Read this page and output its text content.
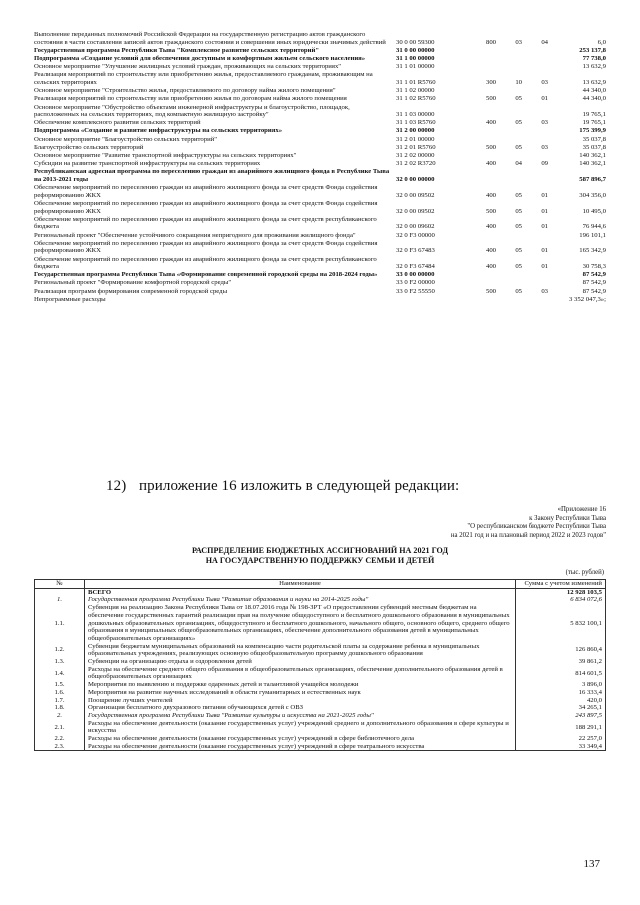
Выполнение переданных полномочий Российской Федерации на государственную регистрацию актов гражданского состояния в части составления записей актов гражданского состояния и совершения иных юридически значимых действий	30 0 00 59300	800	03	04	6,0
Государственная программа Республики Тыва "Комплексное развитие сельских территорий"	31 0 00 00000	253 137,8
Подпрограмма «Создание условий для обеспечения доступным и комфортным жильем сельского населения»	31 1 00 00000	77 738,0
Основное мероприятие "Улучшение жилищных условий граждан, проживающих на сельских территориях"	31 1 01 00000	13 632,9
Реализация мероприятий по строительству или приобретению жилья, предоставляемого гражданам, проживающим на сельских территориях	31 1 01 R5760	300	10	03	13 632,9
Основное мероприятие "Строительство жилья, предоставляемого по договору найма жилого помещения"	31 1 02 00000	44 340,0
Реализация мероприятий по строительству или приобретению жилья по договорам найма жилого помещения	31 1 02 R5760	500	05	01	44 340,0
Основное мероприятие "Обустройство объектами инженерной инфраструктуры и благоустройство, площадок, расположенных на сельских территориях, под компактную жилищную застройку"	31 1 03 00000	19 765,1
Обеспечение комплексного развития сельских территорий	31 1 03 R5760	400	05	03	19 765,1
Подпрограмма «Создание и развитие инфраструктуры на сельских территориях»	31 2 00 00000	175 399,9
Основное мероприятие "Благоустройство сельских территорий"	31 2 01 00000	35 037,8
Благоустройство сельских территорий	31 2 01 R5760	500	05	03	35 037,8
Основное мероприятие "Развитие транспортной инфраструктуры на сельских территориях"	31 2 02 00000	140 362,1
Субсидии на развитие транспортной инфраструктуры на сельских территориях	31 2 02 R3720	400	04	09	140 362,1
Республиканская адресная программа по переселению граждан из аварийного жилищного фонда в Республике Тыва на 2013-2021 годы	32 0 00 00000	587 896,7
Обеспечение мероприятий по переселению граждан из аварийного жилищного фонда за счет средств Фонда содействия реформированию ЖКХ	32 0 00 09502	400	05	01	304 356,0
Обеспечение мероприятий по переселению граждан из аварийного жилищного фонда за счет средств Фонда содействия реформированию ЖКХ	32 0 00 09502	500	05	01	10 495,0
Обеспечение мероприятий по переселению граждан из аварийного жилищного фонда за счет средств республиканского бюджета	32 0 00 09602	400	05	01	76 944,6
Региональный проект "Обеспечение устойчивого сокращения непригодного для проживания жилищного фонда"	32 0 F3 00000	196 101,1
Обеспечение мероприятий по переселению граждан из аварийного жилищного фонда за счет средств Фонда содействия реформированию ЖКХ	32 0 F3 67483	400	05	01	165 342,9
Обеспечение мероприятий по переселению граждан из аварийного жилищного фонда за счет средств республиканского бюджета	32 0 F3 67484	400	05	01	30 758,3
Государственная программа Республики Тыва «Формирование современной городской среды на 2018-2024 годы»	33 0 00 00000	87 542,9
Региональный проект "Формирование комфортной городской среды"	33 0 F2 00000	87 542,9
Реализация программ формирования современной городской среды	33 0 F2 55550	500	05	03	87 542,9
Непрограммные расходы	3 352 047,3»;
12) приложение 16 изложить в следующей редакции:
«Приложение 16
к Закону Республики Тыва
"О республиканском бюджете Республики Тыва
на 2021 год и на плановый период 2022 и 2023 годов"
РАСПРЕДЕЛЕНИЕ БЮДЖЕТНЫХ АССИГНОВАНИЙ НА 2021 ГОД
НА ГОСУДАРСТВЕННУЮ ПОДДЕРЖКУ СЕМЬИ И ДЕТЕЙ
(тыс. рублей)
№	Наименование	Сумма с учетом изменений
	ВСЕГО	12 928 103,5
1.	Государственная программа Республики Тыва "Развитие образования и науки на 2014-2025 годы"	6 834 072,6
1.1.	Субвенция на реализацию Закона Республики Тыва от 18.07.2016 года № 198-ЗРТ «О предоставлении субвенций местным бюджетам на обеспечение государственных гарантий реализации прав на получение общедоступного и бесплатного дошкольного образования в муниципальных дошкольных образовательных организациях, общедоступного и бесплатного дошкольного, начального общего, основного общего, среднего общего образования в муниципальных общеобразовательных организациях, обеспечение дополнительного образования детей в муниципальных общеобразовательных организациях»	5 832 100,1
1.2.	Субвенция бюджетам муниципальных образований на компенсацию части родительской платы за содержание ребенка в муниципальных образовательных учреждениях, реализующих основную общеобразовательную программу дошкольного образования	126 860,4
1.3.	Субвенции на организацию отдыха и оздоровления детей	39 861,2
1.4.	Расходы на обеспечение среднего общего образования в общеобразовательных организациях, обеспечение дополнительного образования детей в общеобразовательных организациях	814 601,5
1.5.	Мероприятия по выявлению и поддержке одаренных детей и талантливой учащейся молодежи	3 896,0
1.6.	Мероприятия на развитие научных исследований в области гуманитарных и естественных наук	16 333,4
1.7.	Поощрение лучших учителей	420,0
1.8.	Организация бесплатного двухразового питания обучающихся детей с ОВЗ	34 265,1
2.	Государственная программа Республики Тыва "Развитие культуры и искусства на 2021-2025 годы"	243 897,5
2.1.	Расходы на обеспечение деятельности (оказание государственных услуг) учреждений среднего и дополнительного образования в сфере культуры и искусства	188 291,1
2.2.	Расходы на обеспечение деятельности (оказание государственных услуг) учреждений в сфере библиотечного дела	22 257,0
2.3.	Расходы на обеспечение деятельности (оказание государственных услуг) учреждений в сфере театрального искусства	33 349,4
137
